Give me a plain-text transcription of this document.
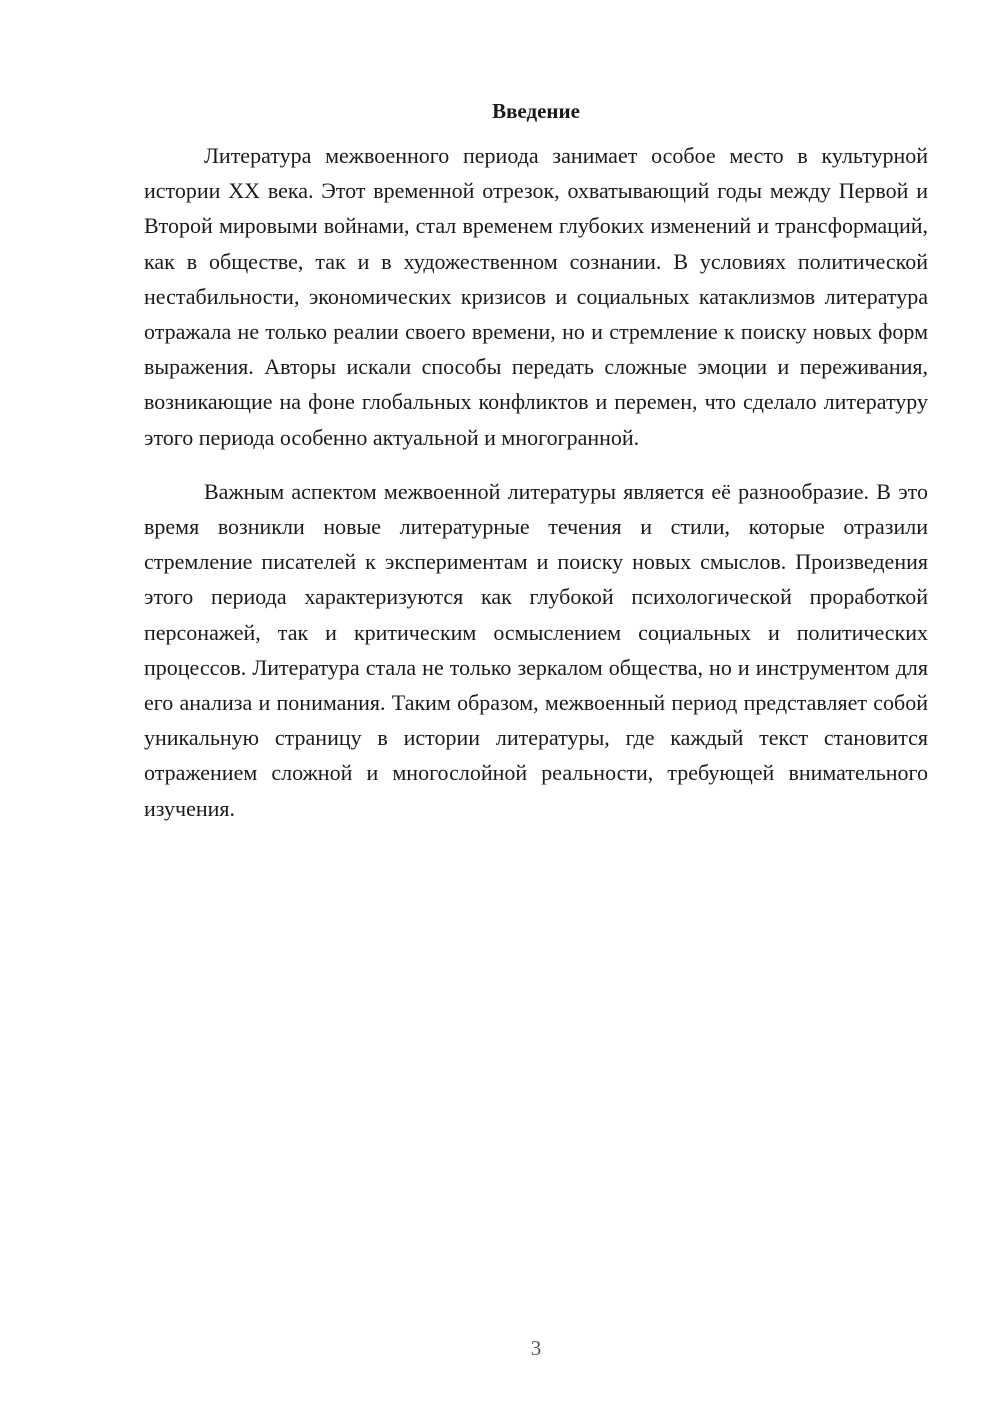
Введение

Литература межвоенного периода занимает особое место в культурной истории XX века. Этот временной отрезок, охватывающий годы между Первой и Второй мировыми войнами, стал временем глубоких изменений и трансформаций, как в обществе, так и в художественном сознании. В условиях политической нестабильности, экономических кризисов и социальных катаклизмов литература отражала не только реалии своего времени, но и стремление к поиску новых форм выражения. Авторы искали способы передать сложные эмоции и переживания, возникающие на фоне глобальных конфликтов и перемен, что сделало литературу этого периода особенно актуальной и многогранной.

Важным аспектом межвоенной литературы является её разнообразие. В это время возникли новые литературные течения и стили, которые отразили стремление писателей к экспериментам и поиску новых смыслов. Произведения этого периода характеризуются как глубокой психологической проработкой персонажей, так и критическим осмыслением социальных и политических процессов. Литература стала не только зеркалом общества, но и инструментом для его анализа и понимания. Таким образом, межвоенный период представляет собой уникальную страницу в истории литературы, где каждый текст становится отражением сложной и многослойной реальности, требующей внимательного изучения.

3
